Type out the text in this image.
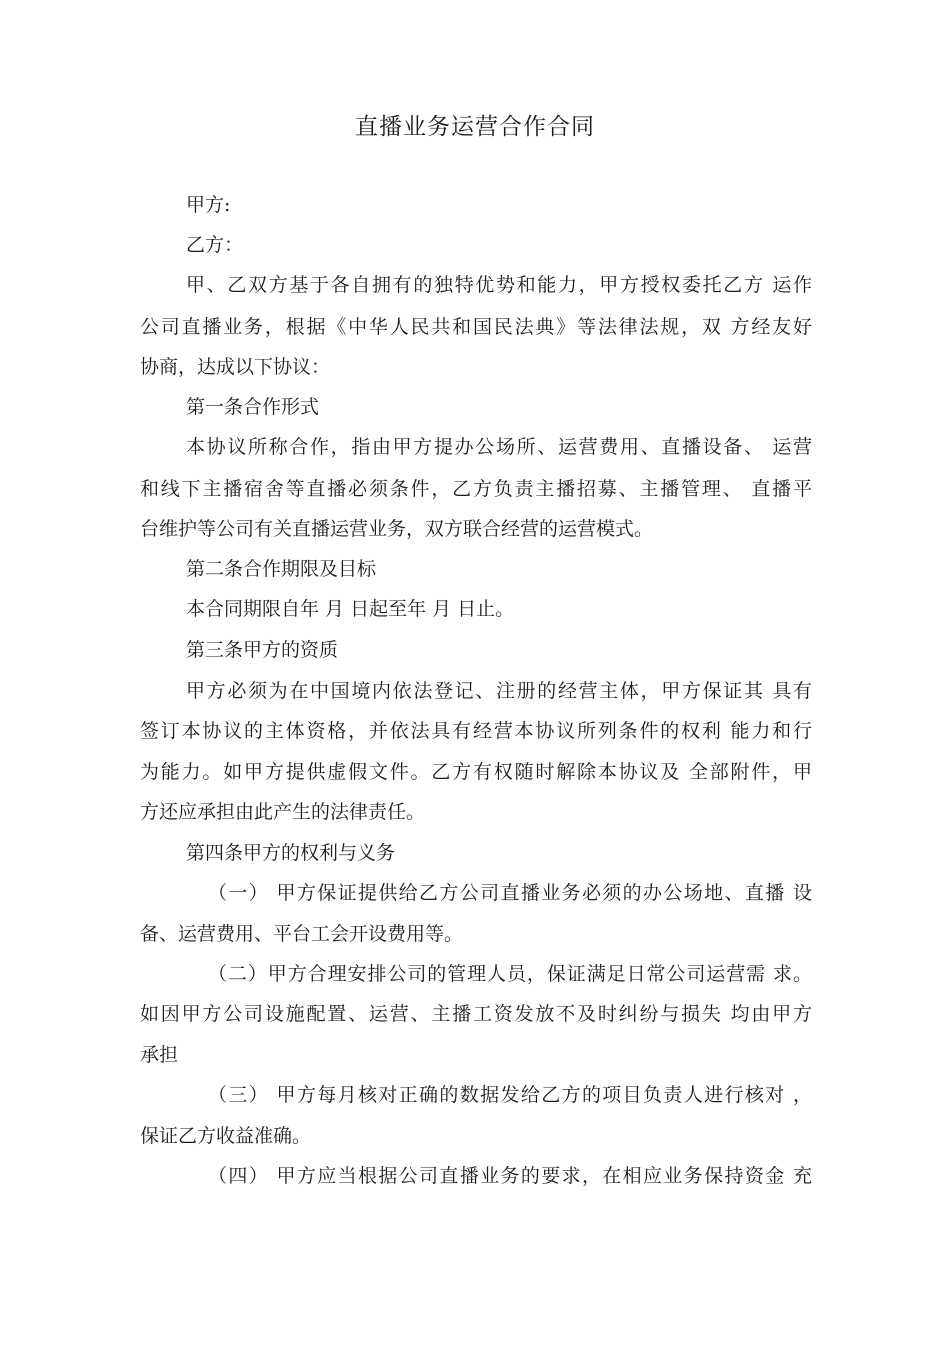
直播业务运营合作合同
甲方:
乙方：
甲、乙双方基于各自拥有的独特优势和能力，甲方授权委托乙方 运作
公司直播业务，根据《中华人民共和国民法典》等法律法规，双 方经友好
协商，达成以下协议：
第一条合作形式
本协议所称合作，指由甲方提办公场所、运营费用、直播设备、 运营
和线下主播宿舍等直播必须条件，乙方负责主播招募、主播管理、 直播平
台维护等公司有关直播运营业务，双方联合经营的运营模式。
第二条合作期限及目标
本合同期限自年 月 日起至年 月 日止。
第三条甲方的资质
甲方必须为在中国境内依法登记、注册的经营主体，甲方保证其 具有
签订本协议的主体资格，并依法具有经营本协议所列条件的权利 能力和行
为能力。如甲方提供虚假文件。乙方有权随时解除本协议及 全部附件，甲
方还应承担由此产生的法律责任。
第四条甲方的权利与义务
（一） 甲方保证提供给乙方公司直播业务必须的办公场地、直播 设
备、运营费用、平台工会开设费用等。
（二）甲方合理安排公司的管理人员，保证满足日常公司运营需 求。
如因甲方公司设施配置、运营、主播工资发放不及时纠纷与损失 均由甲方
承担
（三） 甲方每月核对正确的数据发给乙方的项目负责人进行核对 ，
保证乙方收益准确。
（四） 甲方应当根据公司直播业务的要求，在相应业务保持资金 充
